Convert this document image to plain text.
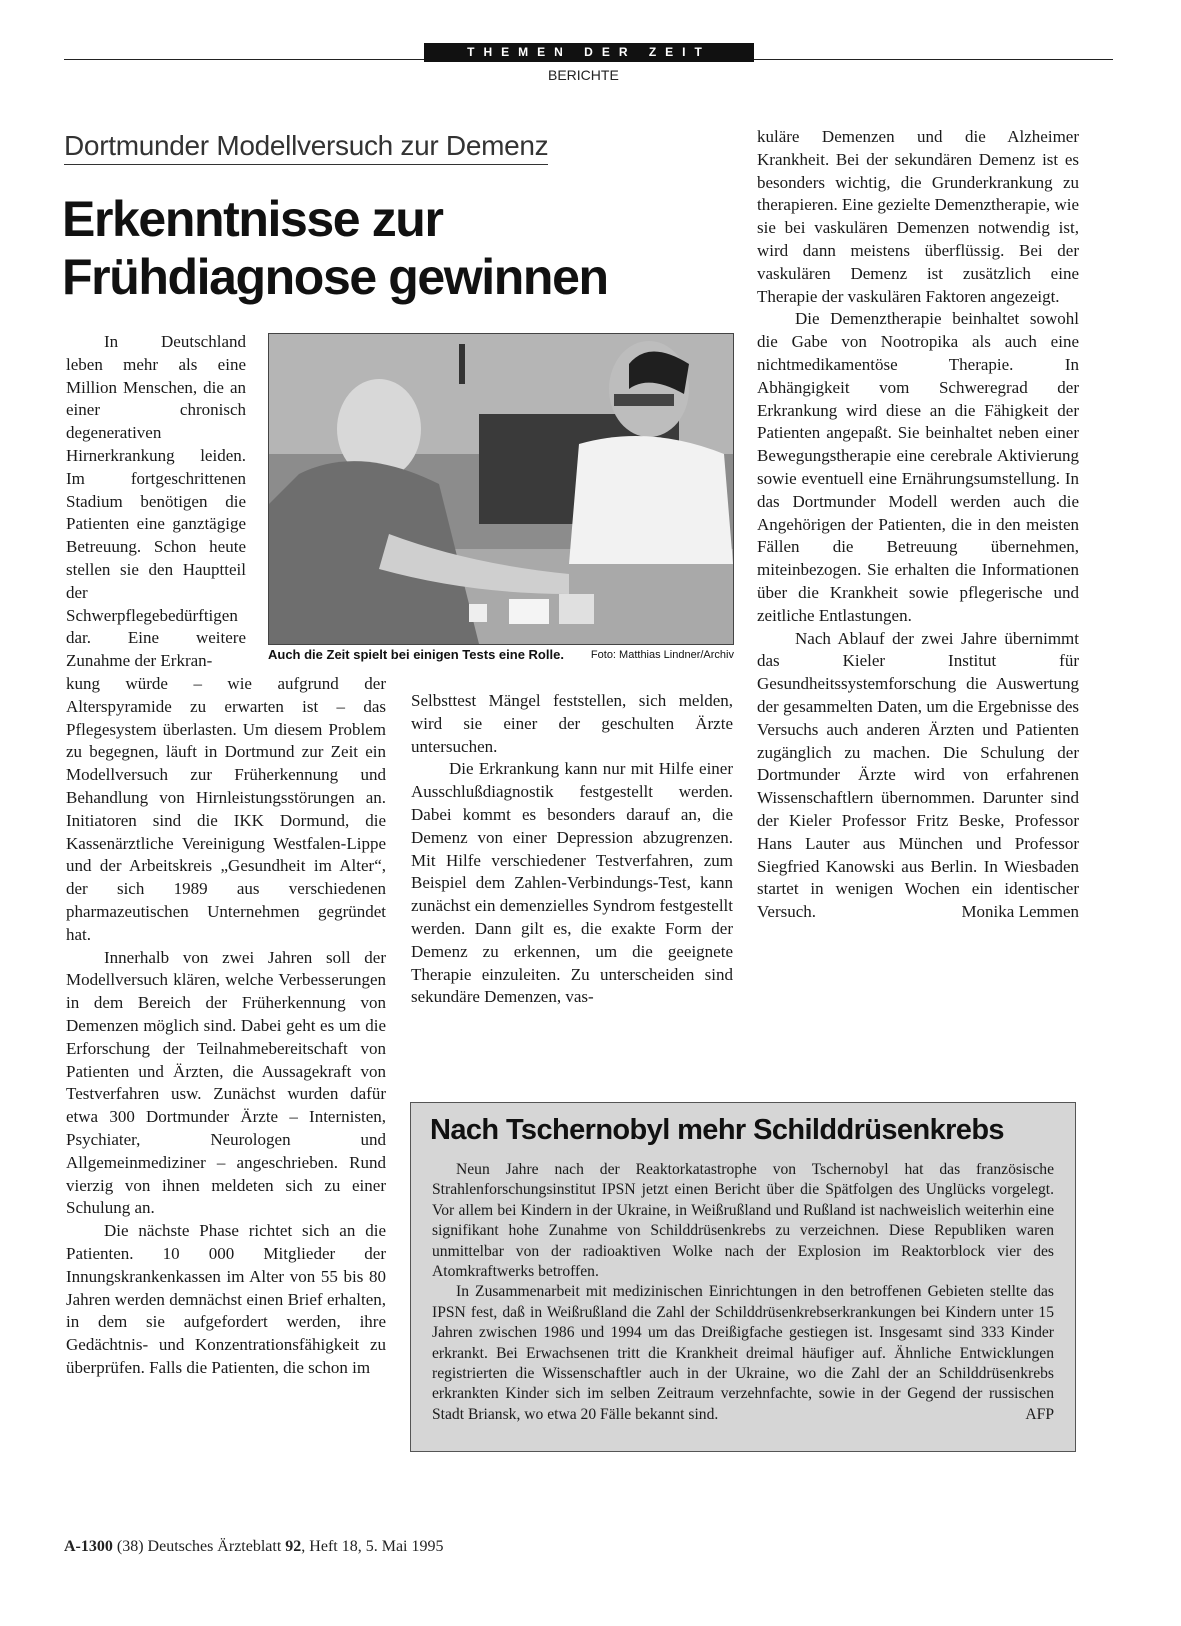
THEMEN DER ZEIT
BERICHTE
Dortmunder Modellversuch zur Demenz
Erkenntnisse zur
Frühdiagnose gewinnen

In Deutschland leben mehr als eine Million Menschen, die an einer chronisch degenerativen Hirnerkrankung leiden. Im fortgeschrittenen Stadium benötigen die Patienten eine ganztägige Betreuung. Schon heute stellen sie den Hauptteil der Schwerpflegebedürftigen dar. Eine weitere Zunahme der Erkran-	Auch die Zeit spielt bei einigen Tests eine Rolle. Foto: Matthias Lindner/Archiv

kung würde – wie aufgrund der Alterspyramide zu erwarten ist – das Pflegesystem überlasten. Um diesem Problem zu begegnen, läuft in Dortmund zur Zeit ein Modellversuch zur Früherkennung und Behandlung von Hirnleistungsstörungen an. Initiatoren sind die IKK Dormund, die Kassenärztliche Vereinigung Westfalen-Lippe und der Arbeitskreis „Gesundheit im Alter“, der sich 1989 aus verschiedenen pharmazeutischen Unternehmen gegründet hat.

Innerhalb von zwei Jahren soll der Modellversuch klären, welche Verbesserungen in dem Bereich der Früherkennung von Demenzen möglich sind. Dabei geht es um die Erforschung der Teilnahmebereitschaft von Patienten und Ärzten, die Aussagekraft von Testverfahren usw. Zunächst wurden dafür etwa 300 Dortmunder Ärzte – Internisten, Psychiater, Neurologen und Allgemeinmediziner – angeschrieben. Rund vierzig von ihnen meldeten sich zu einer Schulung an.

Die nächste Phase richtet sich an die Patienten. 10 000 Mitglieder der Innungskrankenkassen im Alter von 55 bis 80 Jahren werden demnächst einen Brief erhalten, in dem sie aufgefordert werden, ihre Gedächtnis- und Konzentrationsfähigkeit zu überprüfen. Falls die Patienten, die schon im

Selbsttest Mängel feststellen, sich melden, wird sie einer der geschulten Ärzte untersuchen.

Die Erkrankung kann nur mit Hilfe einer Ausschlußdiagnostik festgestellt werden. Dabei kommt es besonders darauf an, die Demenz von einer Depression abzugrenzen. Mit Hilfe verschiedener Testverfahren, zum Beispiel dem Zahlen-Verbindungs-Test, kann zunächst ein demenzielles Syndrom festgestellt werden. Dann gilt es, die exakte Form der Demenz zu erkennen, um die geeignete Therapie einzuleiten. Zu unterscheiden sind sekundäre Demenzen, vas-

kuläre Demenzen und die Alzheimer Krankheit. Bei der sekundären Demenz ist es besonders wichtig, die Grunderkrankung zu therapieren. Eine gezielte Demenztherapie, wie sie bei vaskulären Demenzen notwendig ist, wird dann meistens überflüssig. Bei der vaskulären Demenz ist zusätzlich eine Therapie der vaskulären Faktoren angezeigt.

Die Demenztherapie beinhaltet sowohl die Gabe von Nootropika als auch eine nichtmedikamentöse Therapie. In Abhängigkeit vom Schweregrad der Erkrankung wird diese an die Fähigkeit der Patienten angepaßt. Sie beinhaltet neben einer Bewegungstherapie eine cerebrale Aktivierung sowie eventuell eine Ernährungsumstellung. In das Dortmunder Modell werden auch die Angehörigen der Patienten, die in den meisten Fällen die Betreuung übernehmen, miteinbezogen. Sie erhalten die Informationen über die Krankheit sowie pflegerische und zeitliche Entlastungen.

Nach Ablauf der zwei Jahre übernimmt das Kieler Institut für Gesundheitssystemforschung die Auswertung der gesammelten Daten, um die Ergebnisse des Versuchs auch anderen Ärzten und Patienten zugänglich zu machen. Die Schulung der Dortmunder Ärzte wird von erfahrenen Wissenschaftlern übernommen. Darunter sind der Kieler Professor Fritz Beske, Professor Hans Lauter aus München und Professor Siegfried Kanowski aus Berlin. In Wiesbaden startet in wenigen Wochen ein identischer Versuch.	Monika Lemmen

Nach Tschernobyl mehr Schilddrüsenkrebs

Neun Jahre nach der Reaktorkatastrophe von Tschernobyl hat das französische Strahlenforschungsinstitut IPSN jetzt einen Bericht über die Spätfolgen des Unglücks vorgelegt. Vor allem bei Kindern in der Ukraine, in Weißrußland und Rußland ist nachweislich weiterhin eine signifikant hohe Zunahme von Schilddrüsenkrebs zu verzeichnen. Diese Republiken waren unmittelbar von der radioaktiven Wolke nach der Explosion im Reaktorblock vier des Atomkraftwerks betroffen.

In Zusammenarbeit mit medizinischen Einrichtungen in den betroffenen Gebieten stellte das IPSN fest, daß in Weißrußland die Zahl der Schilddrüsenkrebserkrankungen bei Kindern unter 15 Jahren zwischen 1986 und 1994 um das Dreißigfache gestiegen ist. Insgesamt sind 333 Kinder erkrankt. Bei Erwachsenen tritt die Krankheit dreimal häufiger auf. Ähnliche Entwicklungen registrierten die Wissenschaftler auch in der Ukraine, wo die Zahl der an Schilddrüsenkrebs erkrankten Kinder sich im selben Zeitraum verzehnfachte, sowie in der Gegend der russischen Stadt Briansk, wo etwa 20 Fälle bekannt sind.	AFP

A-1300 (38) Deutsches Ärzteblatt 92, Heft 18, 5. Mai 1995
